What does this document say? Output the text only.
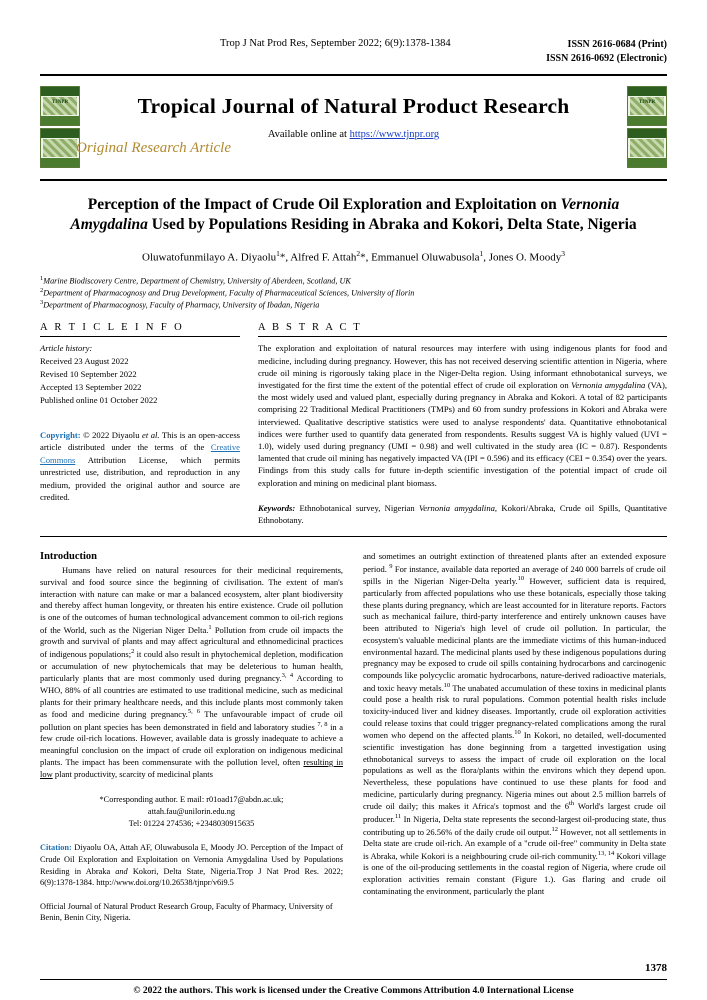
Trop J Nat Prod Res, September 2022; 6(9):1378-1384	ISSN 2616-0684 (Print)
ISSN 2616-0692 (Electronic)
TJNPR	TJNPR
Tropical Journal of Natural Product Research
Available online at https://www.tjnpr.org
Original Research Article
Perception of the Impact of Crude Oil Exploration and Exploitation on Vernonia
Amygdalina Used by Populations Residing in Abraka and Kokori, Delta State, Nigeria
Oluwatofunmilayo A. Diyaolu$^1$*, Alfred F. Attah$^2$*, Emmanuel Oluwabusola$^1$, Jones O. Moody$^3$
$^1$Marine Biodiscovery Centre, Department of Chemistry, University of Aberdeen, Scotland, UK
$^2$Department of Pharmacognosy and Drug Development, Faculty of Pharmaceutical Sciences, University of Ilorin
$^3$Department of Pharmacognosy, Faculty of Pharmacy, University of Ibadan, Nigeria
A R T I C L E I N F O
Article history:
Received 23 August 2022
Revised 10 September 2022
Accepted 13 September 2022
Published online 01 October 2022
Copyright: © 2022 Diyaolu et al. This is an open-access article distributed under the terms of the Creative Commons Attribution License, which permits unrestricted use, distribution, and reproduction in any medium, provided the original author and source are credited.
A B S T R A C T
The exploration and exploitation of natural resources may interfere with using indigenous plants for food and medicine, including during pregnancy. However, this has not received deserving scientific attention in Nigeria, where crude oil mining is rigorously taking place in the Niger-Delta region. Using informant ethnobotanical surveys, we investigated for the first time the extent of the potential effect of crude oil exploration on Vernonia amygdalina (VA), the most widely used and valued plant, especially during pregnancy in Abraka and Kokori. A total of 82 participants comprising 22 Traditional Medical Practitioners (TMPs) and 60 from sundry professions in Kokori and Abraka were interviewed. Qualitative descriptive statistics were used to analyse respondents' data. Quantitative ethnobotanical indices were further used to quantify data generated from respondents. Results suggest VA is highly valued (UVI = 1.0), widely used during pregnancy (UMI = 0.98) and well cultivated in the study area (IC = 0.87). Respondents lamented that crude oil mining has negatively impacted VA (IPI = 0.596) and its efficacy (CEI = 0.354) over the years. Findings from this study calls for future in-depth scientific investigation of the potential impact of crude oil exploration and mining on medicinal plant biomass.
Keywords: Ethnobotanical survey, Nigerian Vernonia amygdalina, Kokori/Abraka, Crude oil Spills, Quantitative Ethnobotany.
Introduction
Humans have relied on natural resources for their medicinal requirements, survival and food source since the beginning of civilisation. The extent of man's interaction with nature can make or mar a balanced ecosystem, alter plant biodiversity and thereby affect human longevity, or threaten his entire existence. Crude oil pollution is one of the outcomes of human technological advancement common to oil-rich regions of the World, such as the Nigerian Niger Delta.$^1$ Pollution from crude oil impacts the growth and survival of plants and may affect agricultural and ethnomedicinal practices of indigenous populations;$^2$ it could also result in phytochemical depletion, modification or accumulation of new phytochemicals that may be deleterious to human health, particularly plants that are most commonly used during pregnancy.$^{3, 4}$ According to WHO, 88% of all countries are estimated to use traditional medicine, such as medicinal plants for their primary healthcare needs, and this include plants most commonly taken as food and medicine during pregnancy.$^{5, 6}$ The unfavourable impact of crude oil pollution on plant species has been demonstrated in field and laboratory studies $^{7, 8}$ in a few crude oil-rich locations. However, available data is grossly inadequate to achieve a meaningful conclusion on the impact of crude oil exploration on indigenous medicinal plants. The impact has been commensurate with the pollution level, often resulting in low plant productivity, scarcity of medicinal plants
*Corresponding author. E mail: r01oad17@abdn.ac.uk;
attah.fau@unilorin.edu.ng
Tel: 01224 274536; +2348030915635
Citation: Diyaolu OA, Attah AF, Oluwabusola E, Moody JO. Perception of the Impact of Crude Oil Exploration and Exploitation on Vernonia Amygdalina Used by Populations Residing in Abraka and Kokori, Delta State, Nigeria.Trop J Nat Prod Res. 2022; 6(9):1378-1384. http://www.doi.org/10.26538/tjnpr/v6i9.5
Official Journal of Natural Product Research Group, Faculty of Pharmacy, University of Benin, Benin City, Nigeria.
and sometimes an outright extinction of threatened plants after an extended exposure period. $^9$ For instance, available data reported an average of 240 000 barrels of crude oil spills in the Nigerian Niger-Delta yearly.$^{10}$ However, sufficient data is required, particularly from affected populations who use these botanicals, especially those taking these plants during pregnancy, which are least accounted for in literature reports. Factors such as mechanical failure, third-party interference and entirely unknown causes have been attributed to Nigeria's high level of crude oil pollution. In particular, the ecosystem's valuable medicinal plants are the immediate victims of this human-induced environmental hazard. The medicinal plants used by these indigenous populations during pregnancy may be exposed to crude oil spills containing hydrocarbons and carcinogenic compounds like polycyclic aromatic hydrocarbons, nature-derived radioactive materials, and toxic heavy metals.$^{10}$ The unabated accumulation of these toxins in medicinal plants could pose a health risk to rural populations. Common potential health risks include toxicity-induced liver and kidney diseases. Importantly, crude oil exploration activities could release toxins that could trigger pregnancy-related complications among the rural women who depend on the affected plants.$^{10}$ In Kokori, no detailed, well-documented scientific investigation has done beginning from a targetted investigation using ethnobotanical surveys to assess the impact of crude oil exploration on the local populations as well as the flora/plants within the environs which they depend upon. Nevertheless, these populations have continued to use these plants for food and medicine, particularly during pregnancy. Nigeria mines out about 2.5 million barrels of crude oil daily; this makes it Africa's topmost and the 6th World's largest crude oil producer.$^{11}$ In Nigeria, Delta state represents the second-largest oil-producing state, thus contributing up to 26.56% of the daily crude oil output.$^{12}$ However, not all settlements in Delta state are crude oil-rich. An example of a "crude oil-free" community in Delta state is Abraka, while Kokori is a neighbouring crude oil-rich community.$^{13, 14}$ Kokori village is one of the oil-producing settlements in the coastal region of Nigeria, where crude oil exploration activities remain constant (Figure 1.). Gas flaring and crude oil contaminating the environment, particularly the plant
1378
© 2022 the authors. This work is licensed under the Creative Commons Attribution 4.0 International License
